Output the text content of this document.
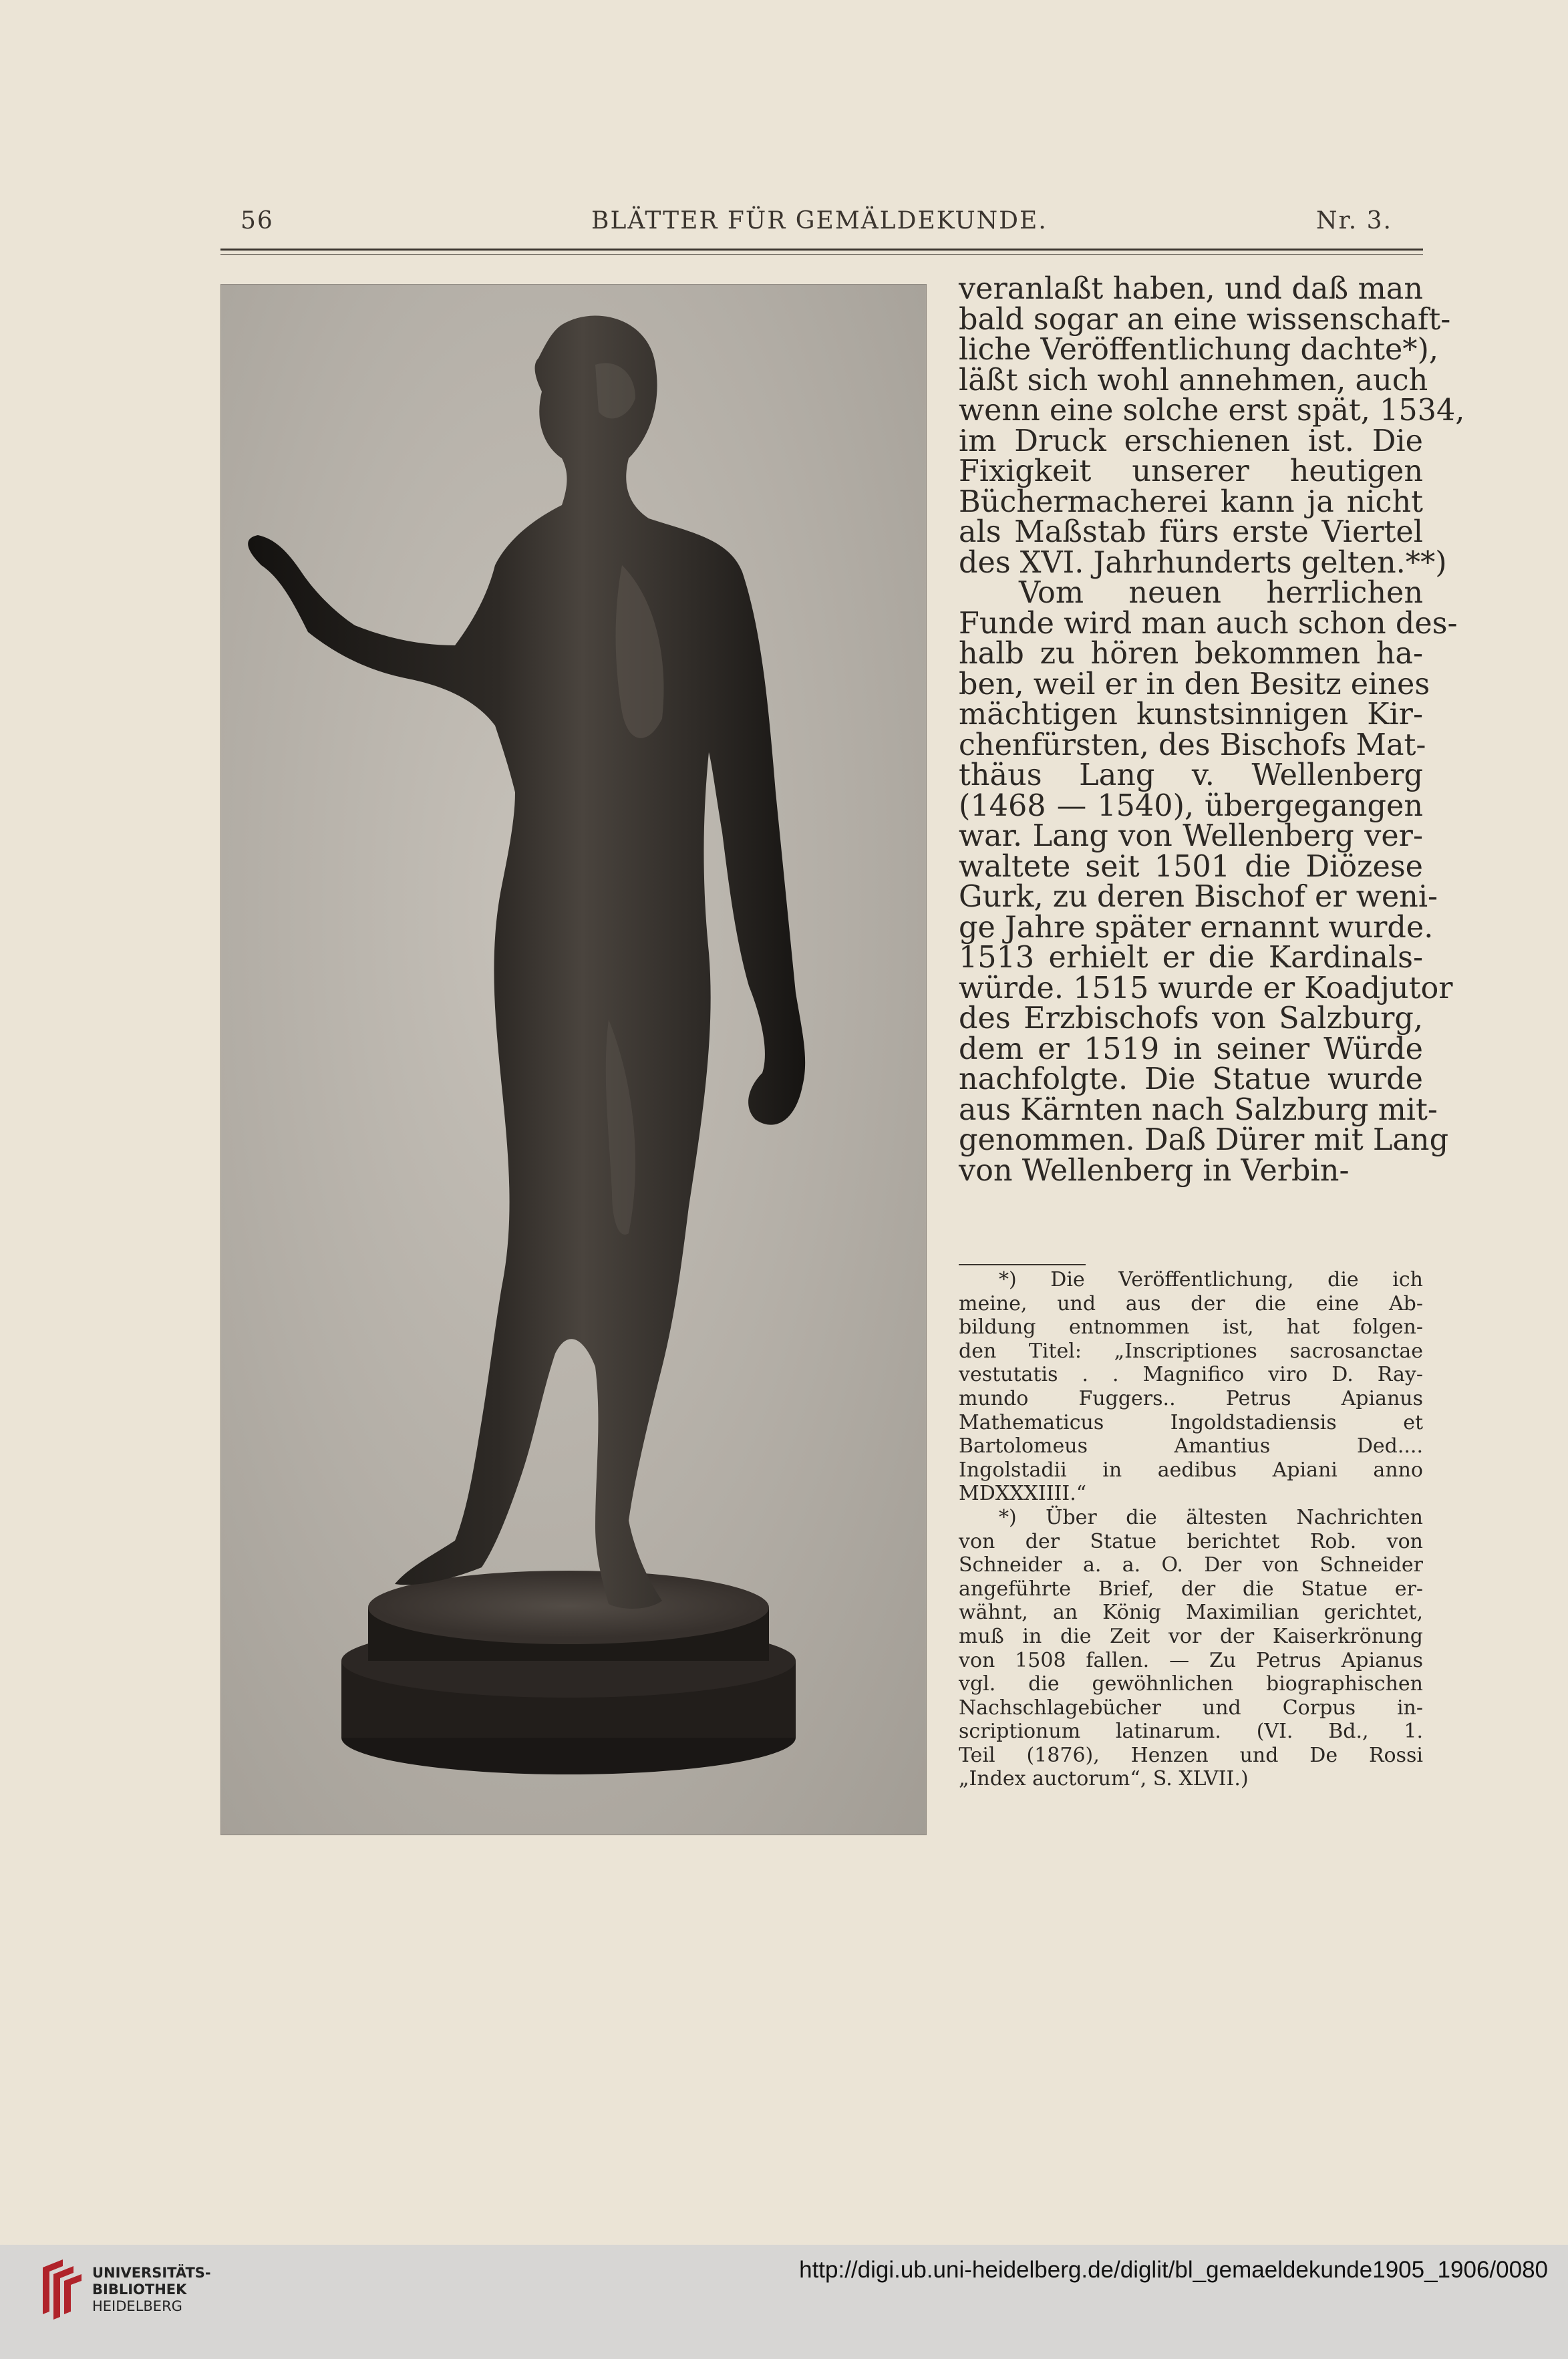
56	BLÄTTER FÜR GEMÄLDEKUNDE.	Nr. 3.
veranlaßt haben, und daß man
bald sogar an eine wissenschaft-
liche Veröffentlichung dachte*),
läßt sich wohl annehmen, auch
wenn eine solche erst spät, 1534,
im Druck erschienen ist. Die
Fixigkeit unserer heutigen
Büchermacherei kann ja nicht
als Maßstab fürs erste Viertel
des XVI. Jahrhunderts gelten.**)
Vom neuen herrlichen
Funde wird man auch schon des-
halb zu hören bekommen ha-
ben, weil er in den Besitz eines
mächtigen kunstsinnigen Kir-
chenfürsten, des Bischofs Mat-
thäus Lang v. Wellenberg
(1468 — 1540), übergegangen
war. Lang von Wellenberg ver-
waltete seit 1501 die Diözese
Gurk, zu deren Bischof er weni-
ge Jahre später ernannt wurde.
1513 erhielt er die Kardinals-
würde. 1515 wurde er Koadjutor
des Erzbischofs von Salzburg,
dem er 1519 in seiner Würde
nachfolgte. Die Statue wurde
aus Kärnten nach Salzburg mit-
genommen. Daß Dürer mit Lang
von Wellenberg in Verbin-
*) Die Veröffentlichung, die ich
meine, und aus der die eine Ab-
bildung entnommen ist, hat folgen-
den Titel: „Inscriptiones sacrosanctae
vestutatis . . Magnifico viro D. Ray-
mundo Fuggers.. Petrus Apianus
Mathematicus Ingoldstadiensis et
Bartolomeus Amantius Ded....
Ingolstadii in aedibus Apiani anno
MDXXXIIII.“
*) Über die ältesten Nachrichten
von der Statue berichtet Rob. von
Schneider a. a. O. Der von Schneider
angeführte Brief, der die Statue er-
wähnt, an König Maximilian gerichtet,
muß in die Zeit vor der Kaiserkrönung
von 1508 fallen. — Zu Petrus Apianus
vgl. die gewöhnlichen biographischen
Nachschlagebücher und Corpus in-
scriptionum latinarum. (VI. Bd., 1.
Teil (1876), Henzen und De Rossi
„Index auctorum“, S. XLVII.)
UNIVERSITÄTS-
BIBLIOTHEK
HEIDELBERG
http://digi.ub.uni-heidelberg.de/diglit/bl_gemaeldekunde1905_1906/0080
